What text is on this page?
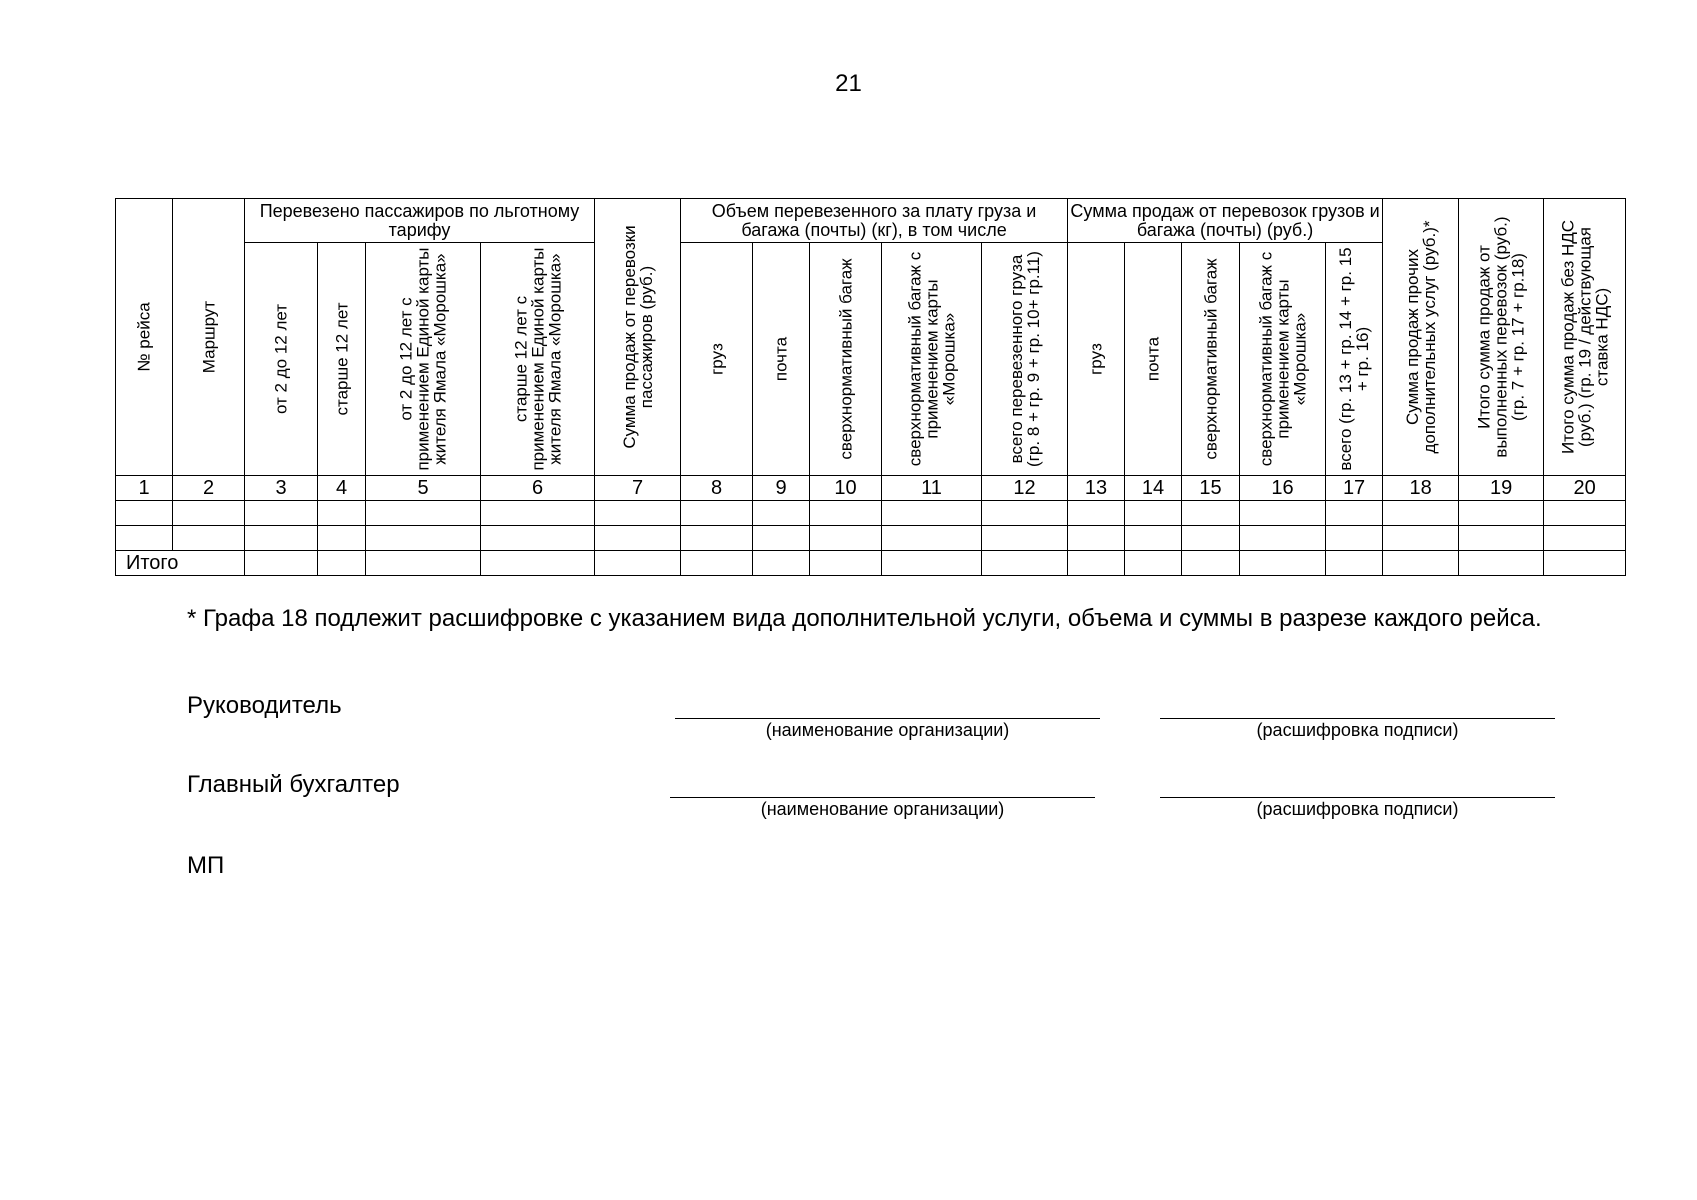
21
№ рейса	Маршрут	Перевезено пассажиров по льготному тарифу				Сумма продаж от перевозки пассажиров (руб.)	Объем перевезенного за плату груза и багажа (почты) (кг), в том числе					Сумма продаж от перевозок грузов и багажа (почты) (руб.)					Сумма продаж прочих дополнительных услуг (руб.)*	Итого сумма продаж от выполненных перевозок (руб.) (гр. 7 + гр. 17 + гр.18)	Итого сумма продаж без НДС (руб.) (гр. 19 / действующая ставка НДС)

		от 2 до 12 лет	старше 12 лет	от 2 до 12 лет с применением Единой карты жителя Ямала «Морошка»	старше 12 лет с применением Единой карты жителя Ямала «Морошка»		груз	почта	сверхнормативный багаж	сверхнормативный багаж с применением карты «Морошка»	всего перевезенного груза (гр. 8 + гр. 9 + гр. 10+ гр.11)	груз	почта	сверхнормативный багаж	сверхнормативный багаж с применением карты «Морошка»	всего (гр. 13 + гр. 14 + гр. 15 + гр. 16)			

1	2	3	4	5	6	7	8	9	10	11	12	13	14	15	16	17	18	19	20

Итого																			
* Графа 18 подлежит расшифровке с указанием вида дополнительной услуги, объема и суммы в разрезе каждого рейса.
Руководитель
(наименование организации)	(расшифровка подписи)
Главный бухгалтер
(наименование организации)	(расшифровка подписи)
МП
